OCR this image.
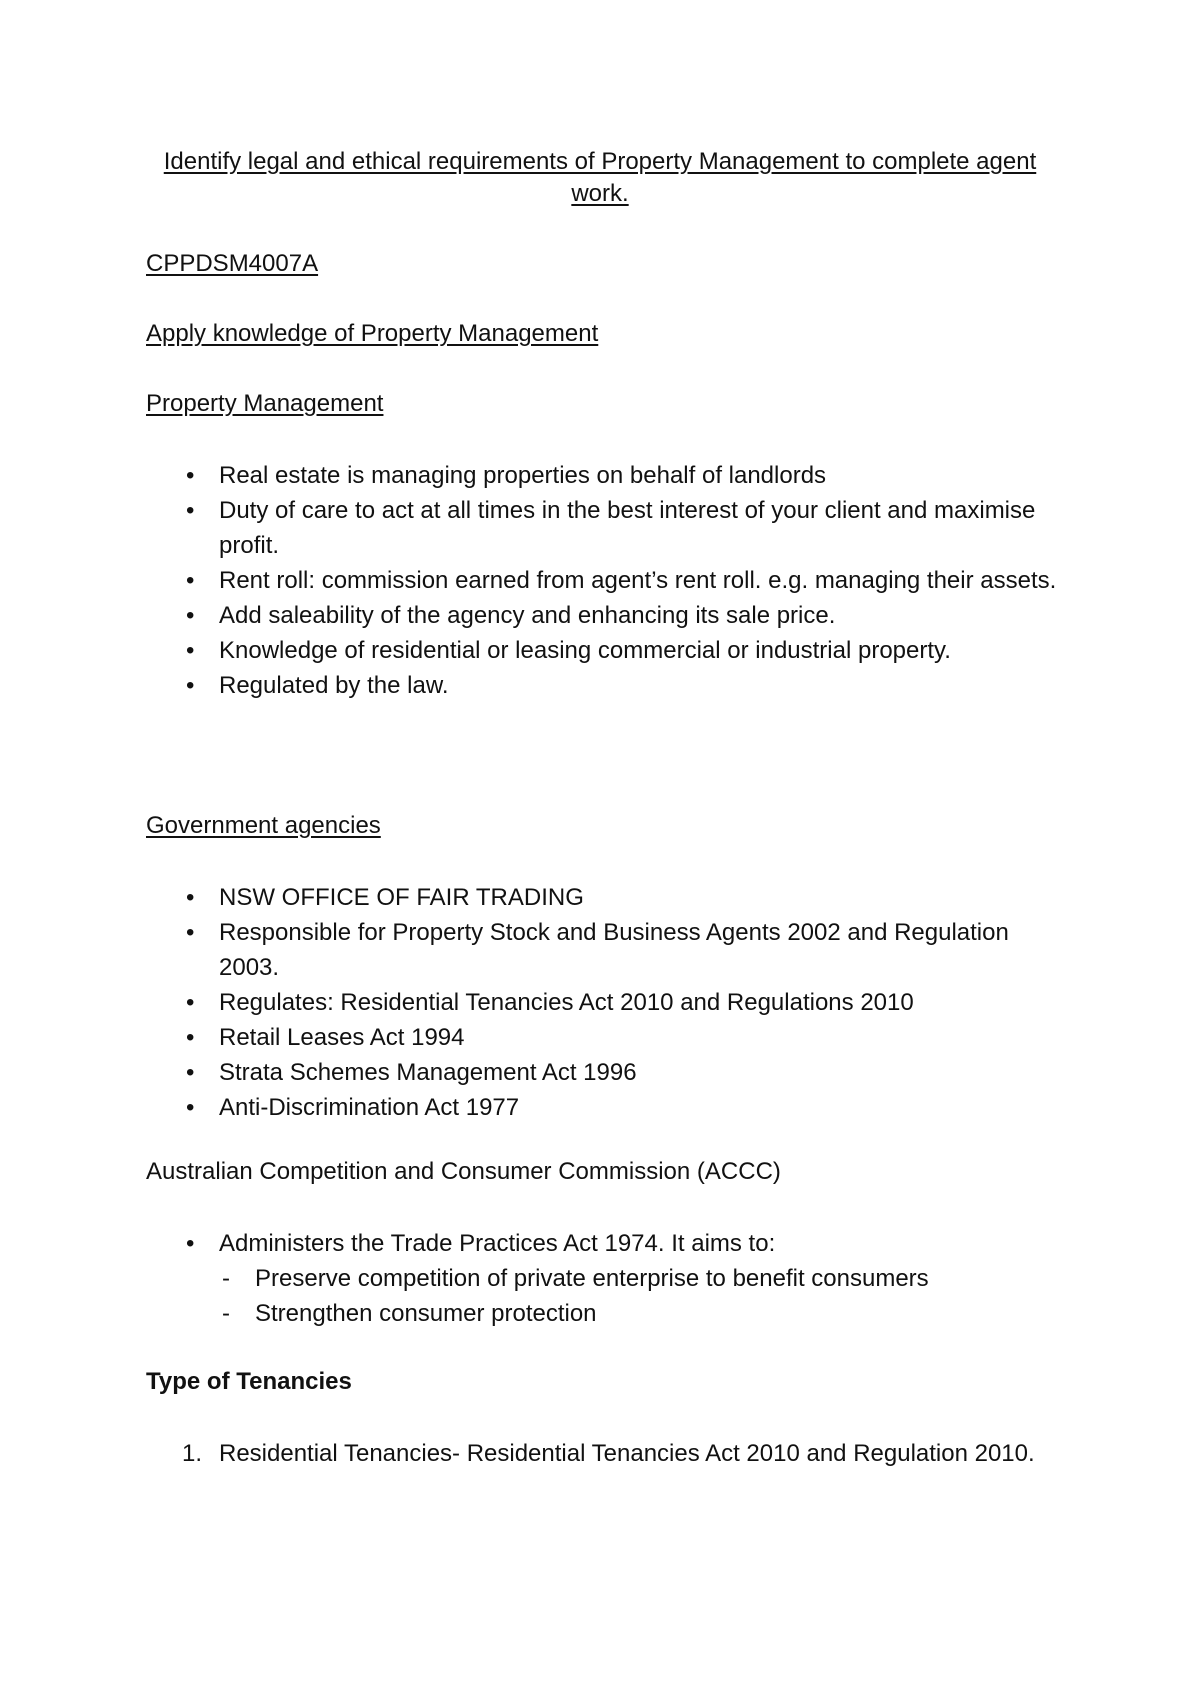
Identify legal and ethical requirements of Property Management to complete agent work.
CPPDSM4007A
Apply knowledge of Property Management
Property Management
• Real estate is managing properties on behalf of landlords
• Duty of care to act at all times in the best interest of your client and maximise profit.
• Rent roll: commission earned from agent’s rent roll. e.g. managing their assets.
• Add saleability of the agency and enhancing its sale price.
• Knowledge of residential or leasing commercial or industrial property.
• Regulated by the law.
Government agencies
• NSW OFFICE OF FAIR TRADING
• Responsible for Property Stock and Business Agents 2002 and Regulation 2003.
• Regulates: Residential Tenancies Act 2010 and Regulations 2010
• Retail Leases Act 1994
• Strata Schemes Management Act 1996
• Anti-Discrimination Act 1977
Australian Competition and Consumer Commission (ACCC)
• Administers the Trade Practices Act 1974. It aims to:
- Preserve competition of private enterprise to benefit consumers
- Strengthen consumer protection
Type of Tenancies
1. Residential Tenancies- Residential Tenancies Act 2010 and Regulation 2010.
